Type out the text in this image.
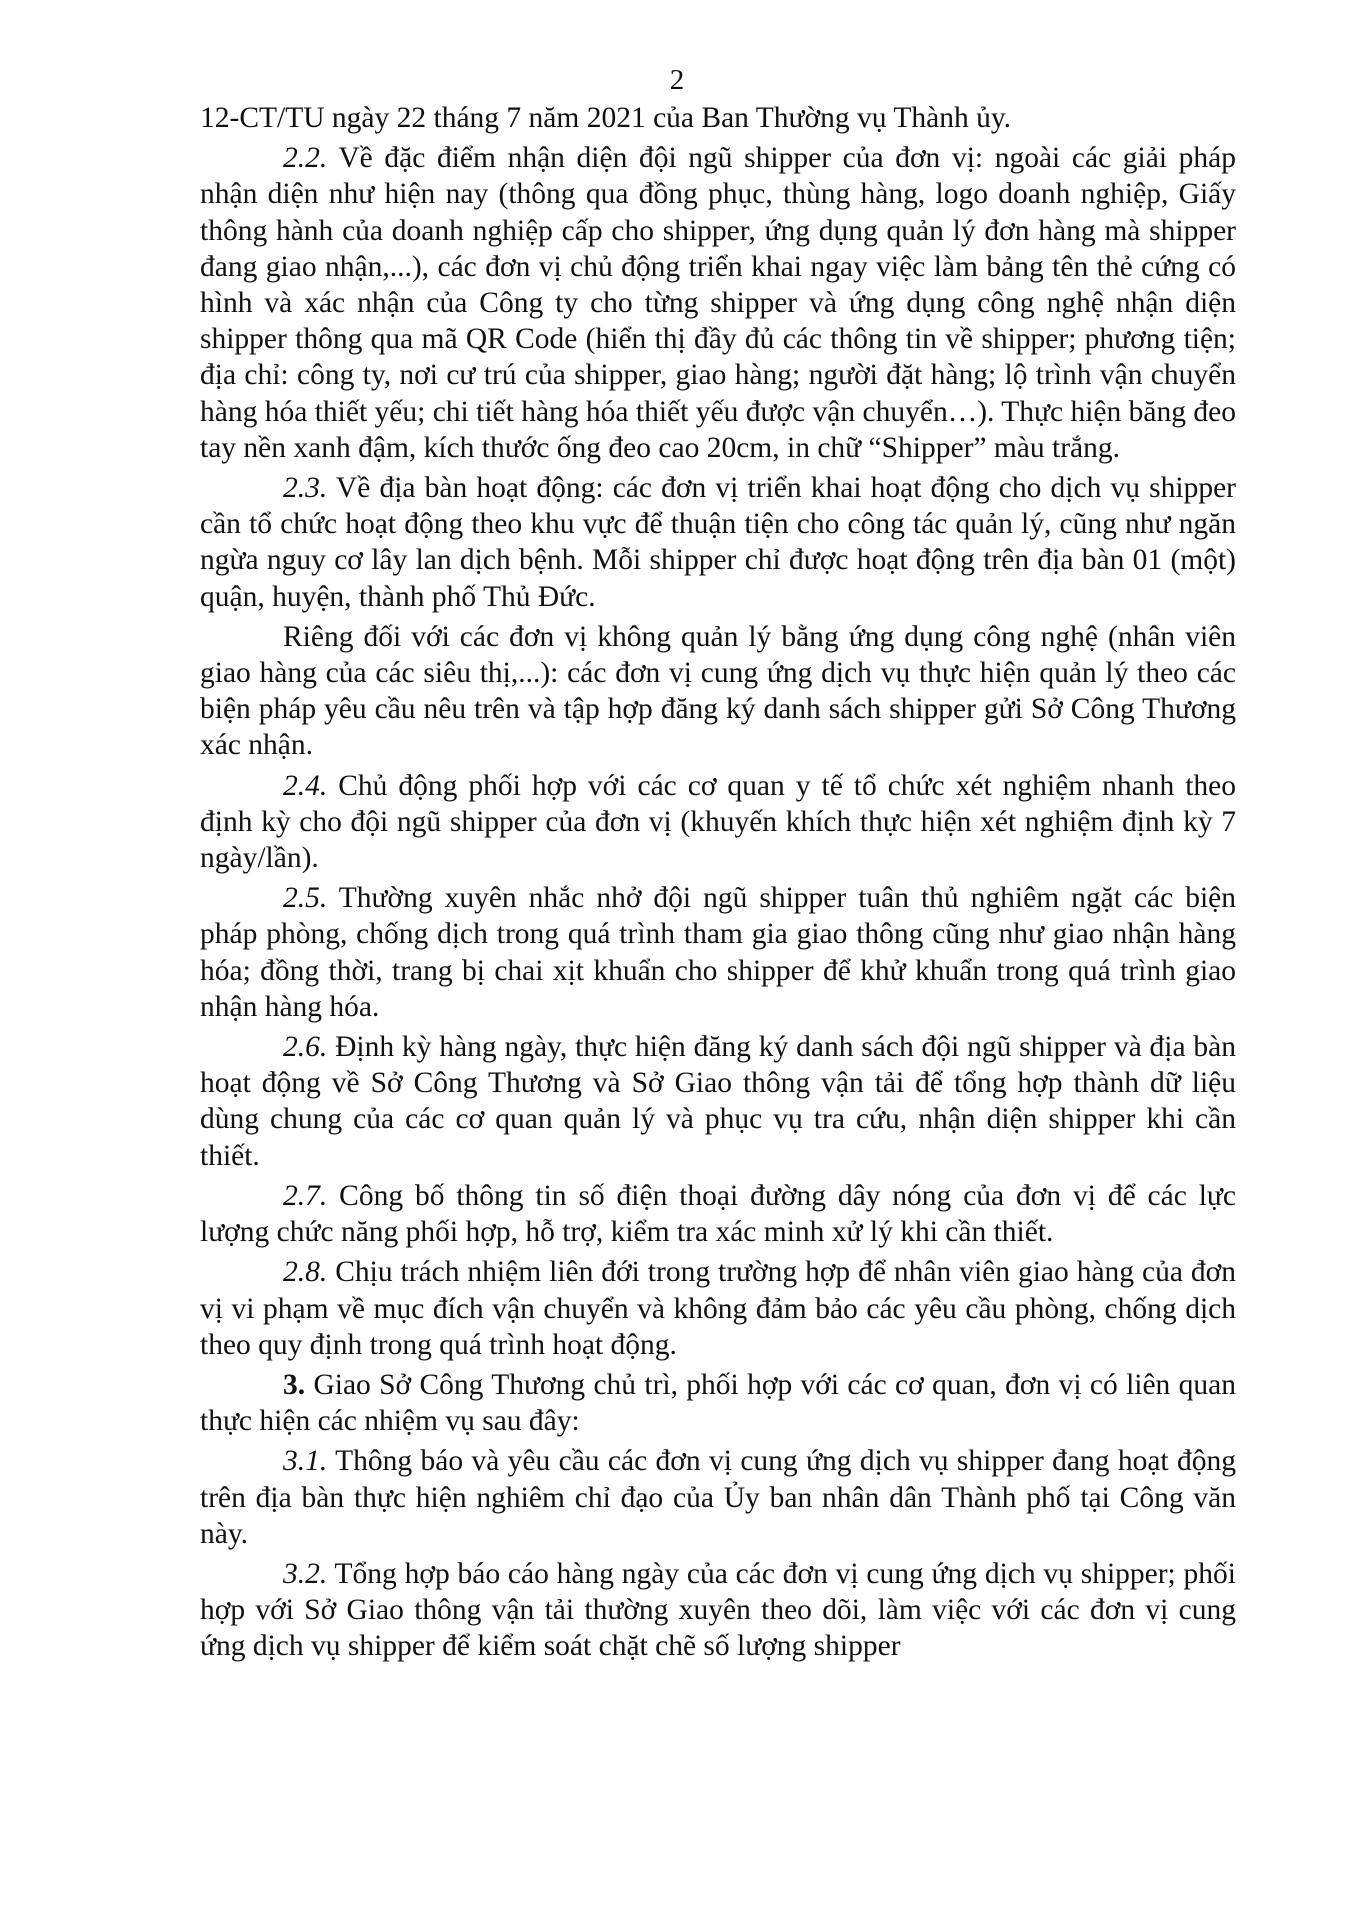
2

12-CT/TU ngày 22 tháng 7 năm 2021 của Ban Thường vụ Thành ủy.

2.2. Về đặc điểm nhận diện đội ngũ shipper của đơn vị: ngoài các giải pháp nhận diện như hiện nay (thông qua đồng phục, thùng hàng, logo doanh nghiệp, Giấy thông hành của doanh nghiệp cấp cho shipper, ứng dụng quản lý đơn hàng mà shipper đang giao nhận,...), các đơn vị chủ động triển khai ngay việc làm bảng tên thẻ cứng có hình và xác nhận của Công ty cho từng shipper và ứng dụng công nghệ nhận diện shipper thông qua mã QR Code (hiển thị đầy đủ các thông tin về shipper; phương tiện; địa chỉ: công ty, nơi cư trú của shipper, giao hàng; người đặt hàng; lộ trình vận chuyển hàng hóa thiết yếu; chi tiết hàng hóa thiết yếu được vận chuyển…). Thực hiện băng đeo tay nền xanh đậm, kích thước ống đeo cao 20cm, in chữ “Shipper” màu trắng.

2.3. Về địa bàn hoạt động: các đơn vị triển khai hoạt động cho dịch vụ shipper cần tổ chức hoạt động theo khu vực để thuận tiện cho công tác quản lý, cũng như ngăn ngừa nguy cơ lây lan dịch bệnh. Mỗi shipper chỉ được hoạt động trên địa bàn 01 (một) quận, huyện, thành phố Thủ Đức.

Riêng đối với các đơn vị không quản lý bằng ứng dụng công nghệ (nhân viên giao hàng của các siêu thị,...): các đơn vị cung ứng dịch vụ thực hiện quản lý theo các biện pháp yêu cầu nêu trên và tập hợp đăng ký danh sách shipper gửi Sở Công Thương xác nhận.

2.4. Chủ động phối hợp với các cơ quan y tế tổ chức xét nghiệm nhanh theo định kỳ cho đội ngũ shipper của đơn vị (khuyến khích thực hiện xét nghiệm định kỳ 7 ngày/lần).

2.5. Thường xuyên nhắc nhở đội ngũ shipper tuân thủ nghiêm ngặt các biện pháp phòng, chống dịch trong quá trình tham gia giao thông cũng như giao nhận hàng hóa; đồng thời, trang bị chai xịt khuẩn cho shipper để khử khuẩn trong quá trình giao nhận hàng hóa.

2.6. Định kỳ hàng ngày, thực hiện đăng ký danh sách đội ngũ shipper và địa bàn hoạt động về Sở Công Thương và Sở Giao thông vận tải để tổng hợp thành dữ liệu dùng chung của các cơ quan quản lý và phục vụ tra cứu, nhận diện shipper khi cần thiết.

2.7. Công bố thông tin số điện thoại đường dây nóng của đơn vị để các lực lượng chức năng phối hợp, hỗ trợ, kiểm tra xác minh xử lý khi cần thiết.

2.8. Chịu trách nhiệm liên đới trong trường hợp để nhân viên giao hàng của đơn vị vi phạm về mục đích vận chuyển và không đảm bảo các yêu cầu phòng, chống dịch theo quy định trong quá trình hoạt động.

3. Giao Sở Công Thương chủ trì, phối hợp với các cơ quan, đơn vị có liên quan thực hiện các nhiệm vụ sau đây:

3.1. Thông báo và yêu cầu các đơn vị cung ứng dịch vụ shipper đang hoạt động trên địa bàn thực hiện nghiêm chỉ đạo của Ủy ban nhân dân Thành phố tại Công văn này.

3.2. Tổng hợp báo cáo hàng ngày của các đơn vị cung ứng dịch vụ shipper; phối hợp với Sở Giao thông vận tải thường xuyên theo dõi, làm việc với các đơn vị cung ứng dịch vụ shipper để kiểm soát chặt chẽ số lượng shipper
